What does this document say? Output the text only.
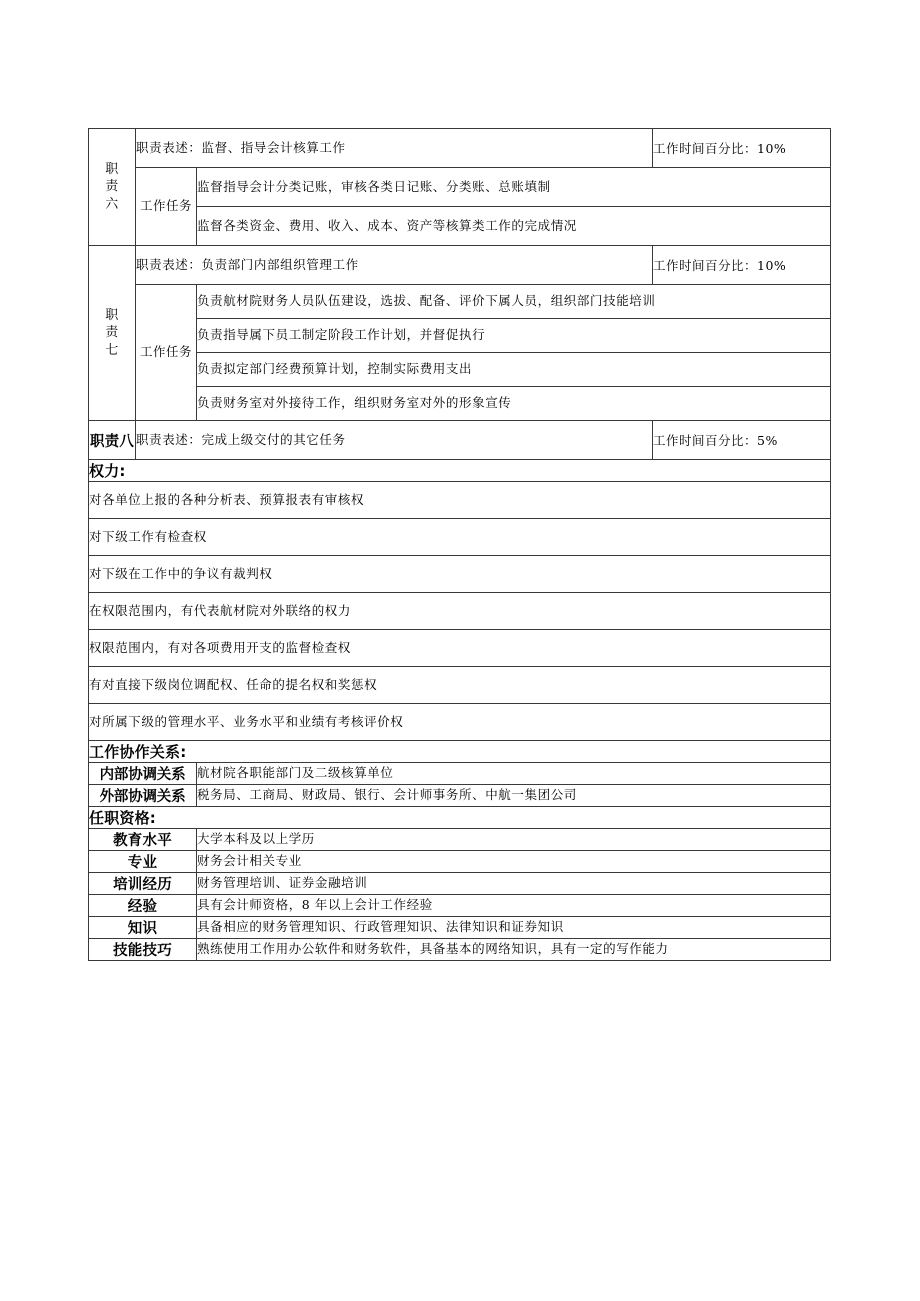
职
责
六	职责表述：监督、指导会计核算工作		工作时间百分比：10%
	工作任务	监督指导会计分类记账，审核各类日记账、分类账、总账填制	
		监督各类资金、费用、收入、成本、资产等核算类工作的完成情况	

职
责
七	职责表述：负责部门内部组织管理工作		工作时间百分比：10%
	工作任务	负责航材院财务人员队伍建设，选拔、配备、评价下属人员，组织部门技能培训	
		负责指导属下员工制定阶段工作计划，并督促执行	
		负责拟定部门经费预算计划，控制实际费用支出	
		负责财务室对外接待工作，组织财务室对外的形象宣传	
职责八	职责表述：完成上级交付的其它任务		工作时间百分比：5%
权力:			
对各单位上报的各种分析表、预算报表有审核权			
对下级工作有检查权			
对下级在工作中的争议有裁判权			
在权限范围内，有代表航材院对外联络的权力			
权限范围内，有对各项费用开支的监督检查权			
有对直接下级岗位调配权、任命的提名权和奖惩权			
对所属下级的管理水平、业务水平和业绩有考核评价权			
工作协作关系:			
内部协调关系		航材院各职能部门及二级核算单位	
外部协调关系		税务局、工商局、财政局、银行、会计师事务所、中航一集团公司	
任职资格:			
教育水平		大学本科及以上学历	
专业		财务会计相关专业	
培训经历		财务管理培训、证券金融培训	
经验		具有会计师资格，8 年以上会计工作经验	
知识		具备相应的财务管理知识、行政管理知识、法律知识和证券知识	
技能技巧		熟练使用工作用办公软件和财务软件，具备基本的网络知识，具有一定的写作能力	
